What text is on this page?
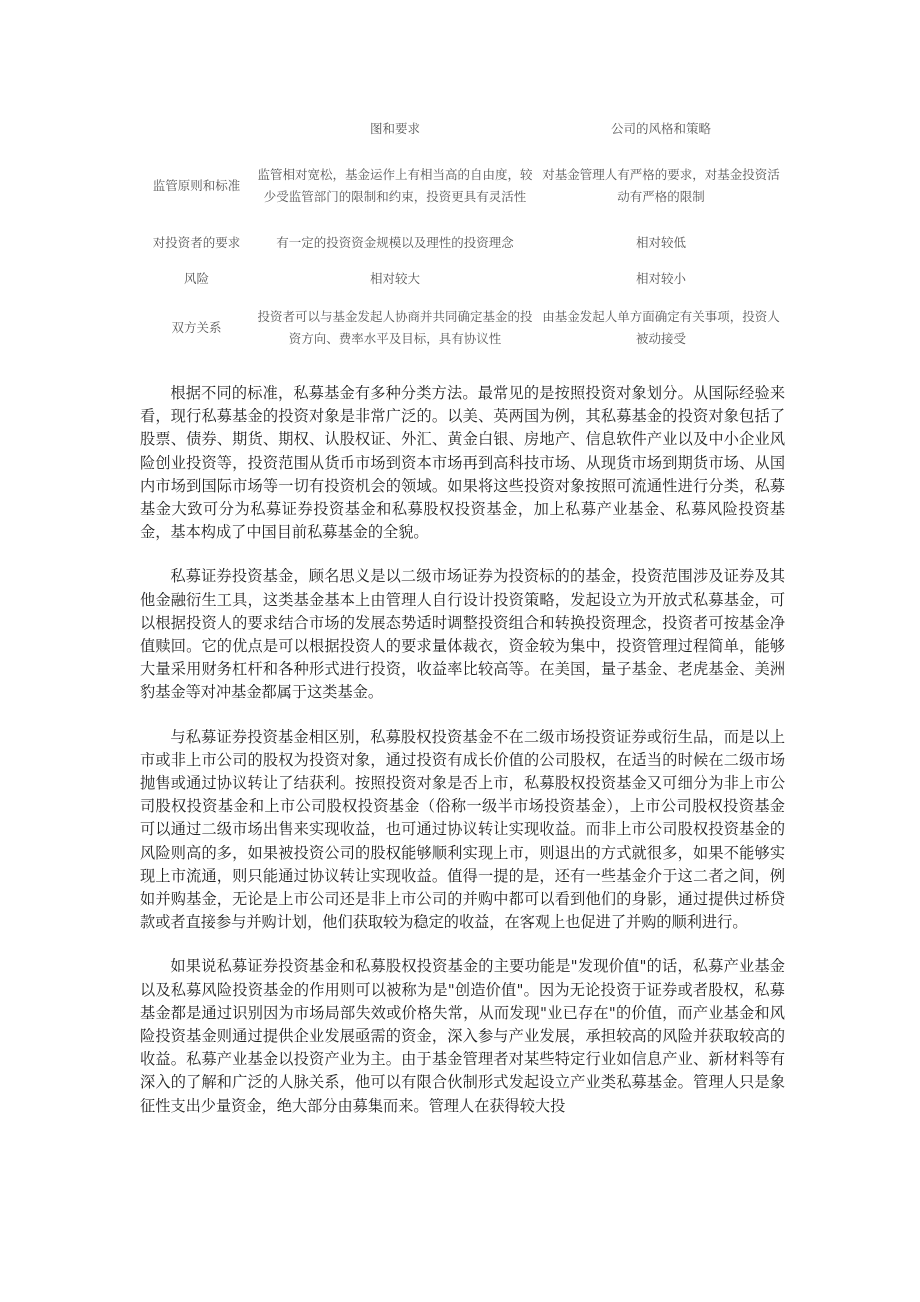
	图和要求	公司的风格和策略
监管原则和标准	监管相对宽松，基金运作上有相当高的自由度，较少受监管部门的限制和约束，投资更具有灵活性	对基金管理人有严格的要求，对基金投资活动有严格的限制
对投资者的要求	有一定的投资资金规模以及理性的投资理念	相对较低
风险	相对较大	相对较小
双方关系	投资者可以与基金发起人协商并共同确定基金的投资方向、费率水平及目标，具有协议性	由基金发起人单方面确定有关事项，投资人被动接受

根据不同的标准，私募基金有多种分类方法。最常见的是按照投资对象划分。从国际经验来看，现行私募基金的投资对象是非常广泛的。以美、英两国为例，其私募基金的投资对象包括了股票、债券、期货、期权、认股权证、外汇、黄金白银、房地产、信息软件产业以及中小企业风险创业投资等，投资范围从货币市场到资本市场再到高科技市场、从现货市场到期货市场、从国内市场到国际市场等一切有投资机会的领域。如果将这些投资对象按照可流通性进行分类，私募基金大致可分为私募证券投资基金和私募股权投资基金，加上私募产业基金、私募风险投资基金，基本构成了中国目前私募基金的全貌。

私募证券投资基金，顾名思义是以二级市场证券为投资标的的基金，投资范围涉及证券及其他金融衍生工具，这类基金基本上由管理人自行设计投资策略，发起设立为开放式私募基金，可以根据投资人的要求结合市场的发展态势适时调整投资组合和转换投资理念，投资者可按基金净值赎回。它的优点是可以根据投资人的要求量体裁衣，资金较为集中，投资管理过程简单，能够大量采用财务杠杆和各种形式进行投资，收益率比较高等。在美国，量子基金、老虎基金、美洲豹基金等对冲基金都属于这类基金。

与私募证券投资基金相区别，私募股权投资基金不在二级市场投资证券或衍生品，而是以上市或非上市公司的股权为投资对象，通过投资有成长价值的公司股权，在适当的时候在二级市场抛售或通过协议转让了结获利。按照投资对象是否上市，私募股权投资基金又可细分为非上市公司股权投资基金和上市公司股权投资基金（俗称一级半市场投资基金），上市公司股权投资基金可以通过二级市场出售来实现收益，也可通过协议转让实现收益。而非上市公司股权投资基金的风险则高的多，如果被投资公司的股权能够顺利实现上市，则退出的方式就很多，如果不能够实现上市流通，则只能通过协议转让实现收益。值得一提的是，还有一些基金介于这二者之间，例如并购基金，无论是上市公司还是非上市公司的并购中都可以看到他们的身影，通过提供过桥贷款或者直接参与并购计划，他们获取较为稳定的收益，在客观上也促进了并购的顺利进行。

如果说私募证券投资基金和私募股权投资基金的主要功能是"发现价值"的话，私募产业基金以及私募风险投资基金的作用则可以被称为是"创造价值"。因为无论投资于证券或者股权，私募基金都是通过识别因为市场局部失效或价格失常，从而发现"业已存在"的价值，而产业基金和风险投资基金则通过提供企业发展亟需的资金，深入参与产业发展，承担较高的风险并获取较高的收益。私募产业基金以投资产业为主。由于基金管理者对某些特定行业如信息产业、新材料等有深入的了解和广泛的人脉关系，他可以有限合伙制形式发起设立产业类私募基金。管理人只是象征性支出少量资金，绝大部分由募集而来。管理人在获得较大投
